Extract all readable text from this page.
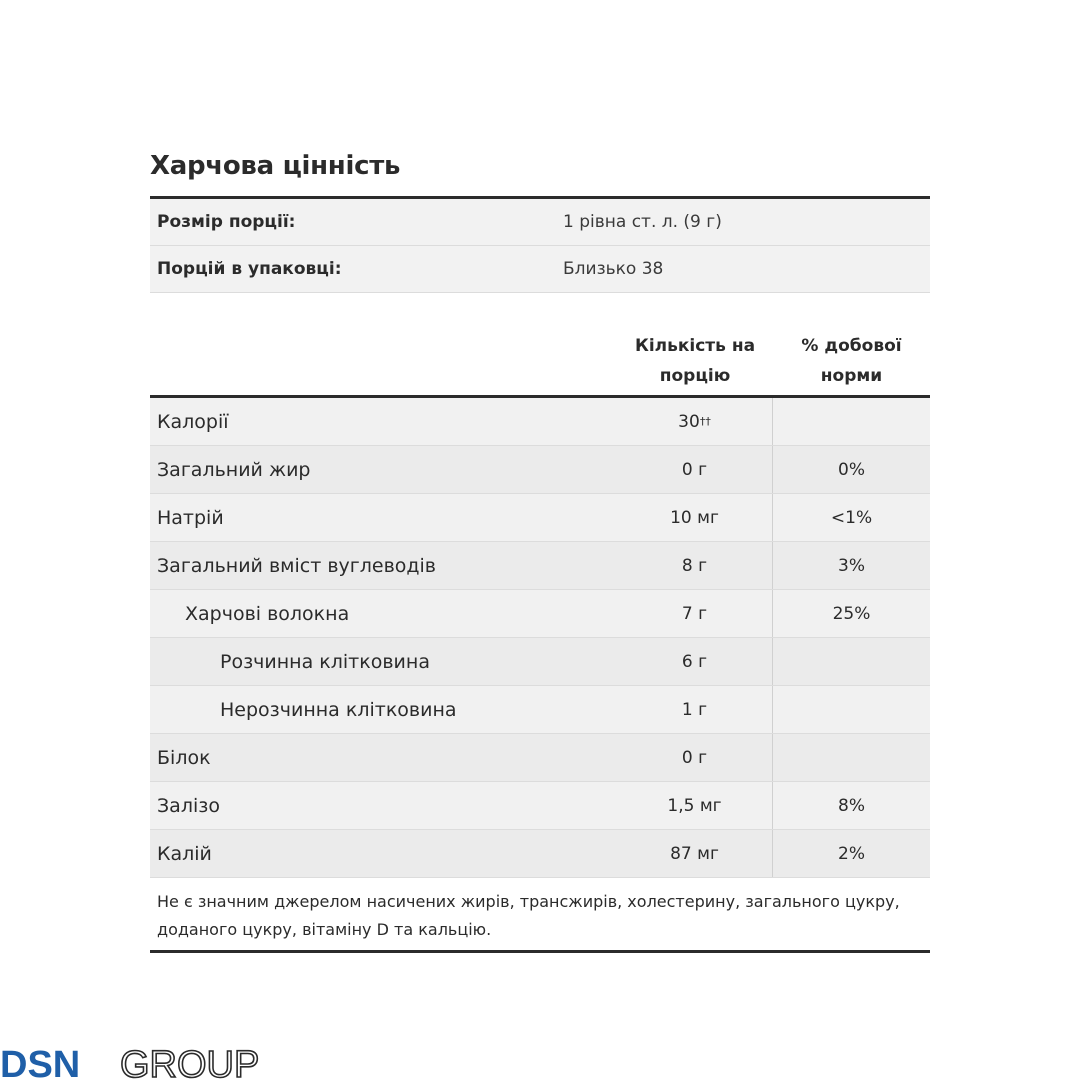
Харчова цінність
Розмір порції:	1 рівна ст. л. (9 г)
Порцій в упаковці:	Близько 38
Кількість на
порцію
% добової
норми
Калорії	30 ††
Загальний жир	0 г	0%
Натрій	10 мг	<1%
Загальний вміст вуглеводів	8 г	3%
Харчові волокна	7 г	25%
Розчинна клітковина	6 г
Нерозчинна клітковина	1 г
Білок	0 г
Залізо	1,5 мг	8%
Калій	87 мг	2%
Не є значним джерелом насичених жирів, трансжирів, холестерину, загального цукру, доданого цукру, вітаміну D та кальцію.
DSN GROUP
